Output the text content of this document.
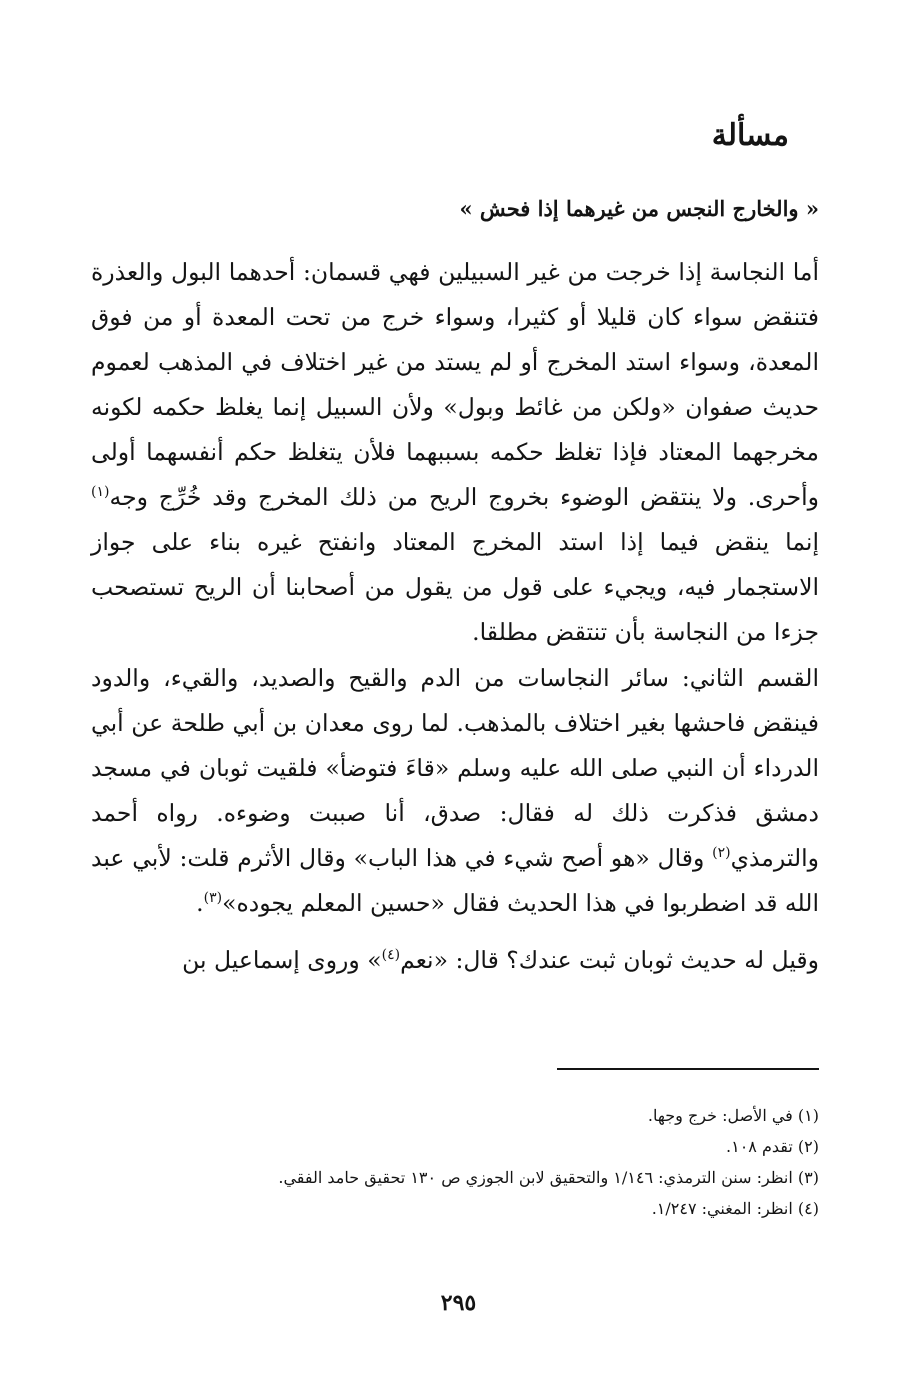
مسألة
« والخارج النجس من غيرهما إذا فحش »

أما النجاسة إذا خرجت من غير السبيلين فهي قسمان: أحدهما البول والعذرة فتنقض سواء كان قليلا أو كثيرا، وسواء خرج من تحت المعدة أو من فوق المعدة، وسواء استد المخرج أو لم يستد من غير اختلاف في المذهب لعموم حديث صفوان «ولكن من غائط وبول» ولأن السبيل إنما يغلظ حكمه لكونه مخرجهما المعتاد فإذا تغلظ حكمه بسببهما فلأن يتغلظ حكم أنفسهما أولى وأحرى. ولا ينتقض الوضوء بخروج الريح من ذلك المخرج وقد خُرِّج وجه$^{(١)}$ إنما ينقض فيما إذا استد المخرج المعتاد وانفتح غيره بناء على جواز الاستجمار فيه، ويجيء على قول من يقول من أصحابنا أن الريح تستصحب جزءا من النجاسة بأن تنتقض مطلقا.

القسم الثاني: سائر النجاسات من الدم والقيح والصديد، والقيء، والدود فينقض فاحشها بغير اختلاف بالمذهب. لما روى معدان بن أبي طلحة عن أبي الدرداء أن النبي صلى الله عليه وسلم «قاءَ فتوضأ» فلقيت ثوبان في مسجد دمشق فذكرت ذلك له فقال: صدق، أنا صببت وضوءه. رواه أحمد والترمذي$^{(٢)}$ وقال «هو أصح شيء في هذا الباب» وقال الأثرم قلت: لأبي عبد الله قد اضطربوا في هذا الحديث فقال «حسين المعلم يجوده»$^{(٣)}$.

وقيل له حديث ثوبان ثبت عندك؟ قال: «نعم$^{(٤)}$» وروى إسماعيل بن

(١) في الأصل: خرج وجها.
(٢) تقدم ١٠٨.
(٣) انظر: سنن الترمذي: ١/١٤٦ والتحقيق لابن الجوزي ص ١٣٠ تحقيق حامد الفقي.
(٤) انظر: المغني: ١/٢٤٧.
٢٩٥
